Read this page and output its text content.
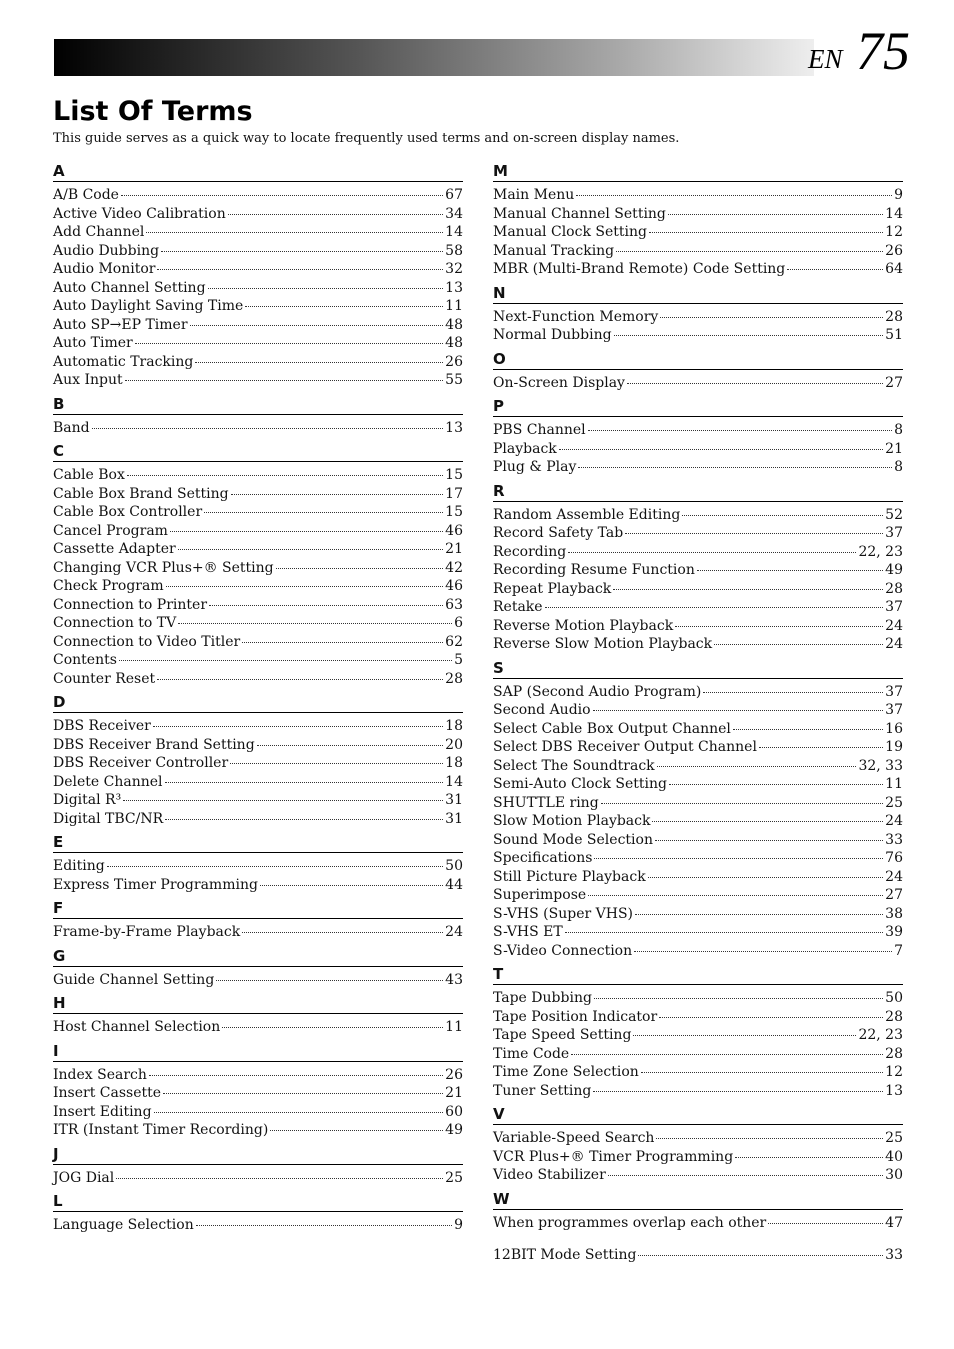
EN 75
List Of Terms

This guide serves as a quick way to locate frequently used terms and on-screen display names.

A
A/B Code	67
Active Video Calibration	34
Add Channel	14
Audio Dubbing	58
Audio Monitor	32
Auto Channel Setting	13
Auto Daylight Saving Time	11
Auto SP→EP Timer	48
Auto Timer	48
Automatic Tracking	26
Aux Input	55
B
Band	13
C
Cable Box	15
Cable Box Brand Setting	17
Cable Box Controller	15
Cancel Program	46
Cassette Adapter	21
Changing VCR Plus+® Setting	42
Check Program	46
Connection to Printer	63
Connection to TV	6
Connection to Video Titler	62
Contents	5
Counter Reset	28
D
DBS Receiver	18
DBS Receiver Brand Setting	20
DBS Receiver Controller	18
Delete Channel	14
Digital R³	31
Digital TBC/NR	31
E
Editing	50
Express Timer Programming	44
F
Frame-by-Frame Playback	24
G
Guide Channel Setting	43
H
Host Channel Selection	11
I
Index Search	26
Insert Cassette	21
Insert Editing	60
ITR (Instant Timer Recording)	49
J
JOG Dial	25
L
Language Selection	9
M
Main Menu	9
Manual Channel Setting	14
Manual Clock Setting	12
Manual Tracking	26
MBR (Multi-Brand Remote) Code Setting	64
N
Next-Function Memory	28
Normal Dubbing	51
O
On-Screen Display	27
P
PBS Channel	8
Playback	21
Plug & Play	8
R
Random Assemble Editing	52
Record Safety Tab	37
Recording	22, 23
Recording Resume Function	49
Repeat Playback	28
Retake	37
Reverse Motion Playback	24
Reverse Slow Motion Playback	24
S
SAP (Second Audio Program)	37
Second Audio	37
Select Cable Box Output Channel	16
Select DBS Receiver Output Channel	19
Select The Soundtrack	32, 33
Semi-Auto Clock Setting	11
SHUTTLE ring	25
Slow Motion Playback	24
Sound Mode Selection	33
Specifications	76
Still Picture Playback	24
Superimpose	27
S-VHS (Super VHS)	38
S-VHS ET	39
S-Video Connection	7
T
Tape Dubbing	50
Tape Position Indicator	28
Tape Speed Setting	22, 23
Time Code	28
Time Zone Selection	12
Tuner Setting	13
V
Variable-Speed Search	25
VCR Plus+® Timer Programming	40
Video Stabilizer	30
W
When programmes overlap each other	47
12BIT Mode Setting	33
